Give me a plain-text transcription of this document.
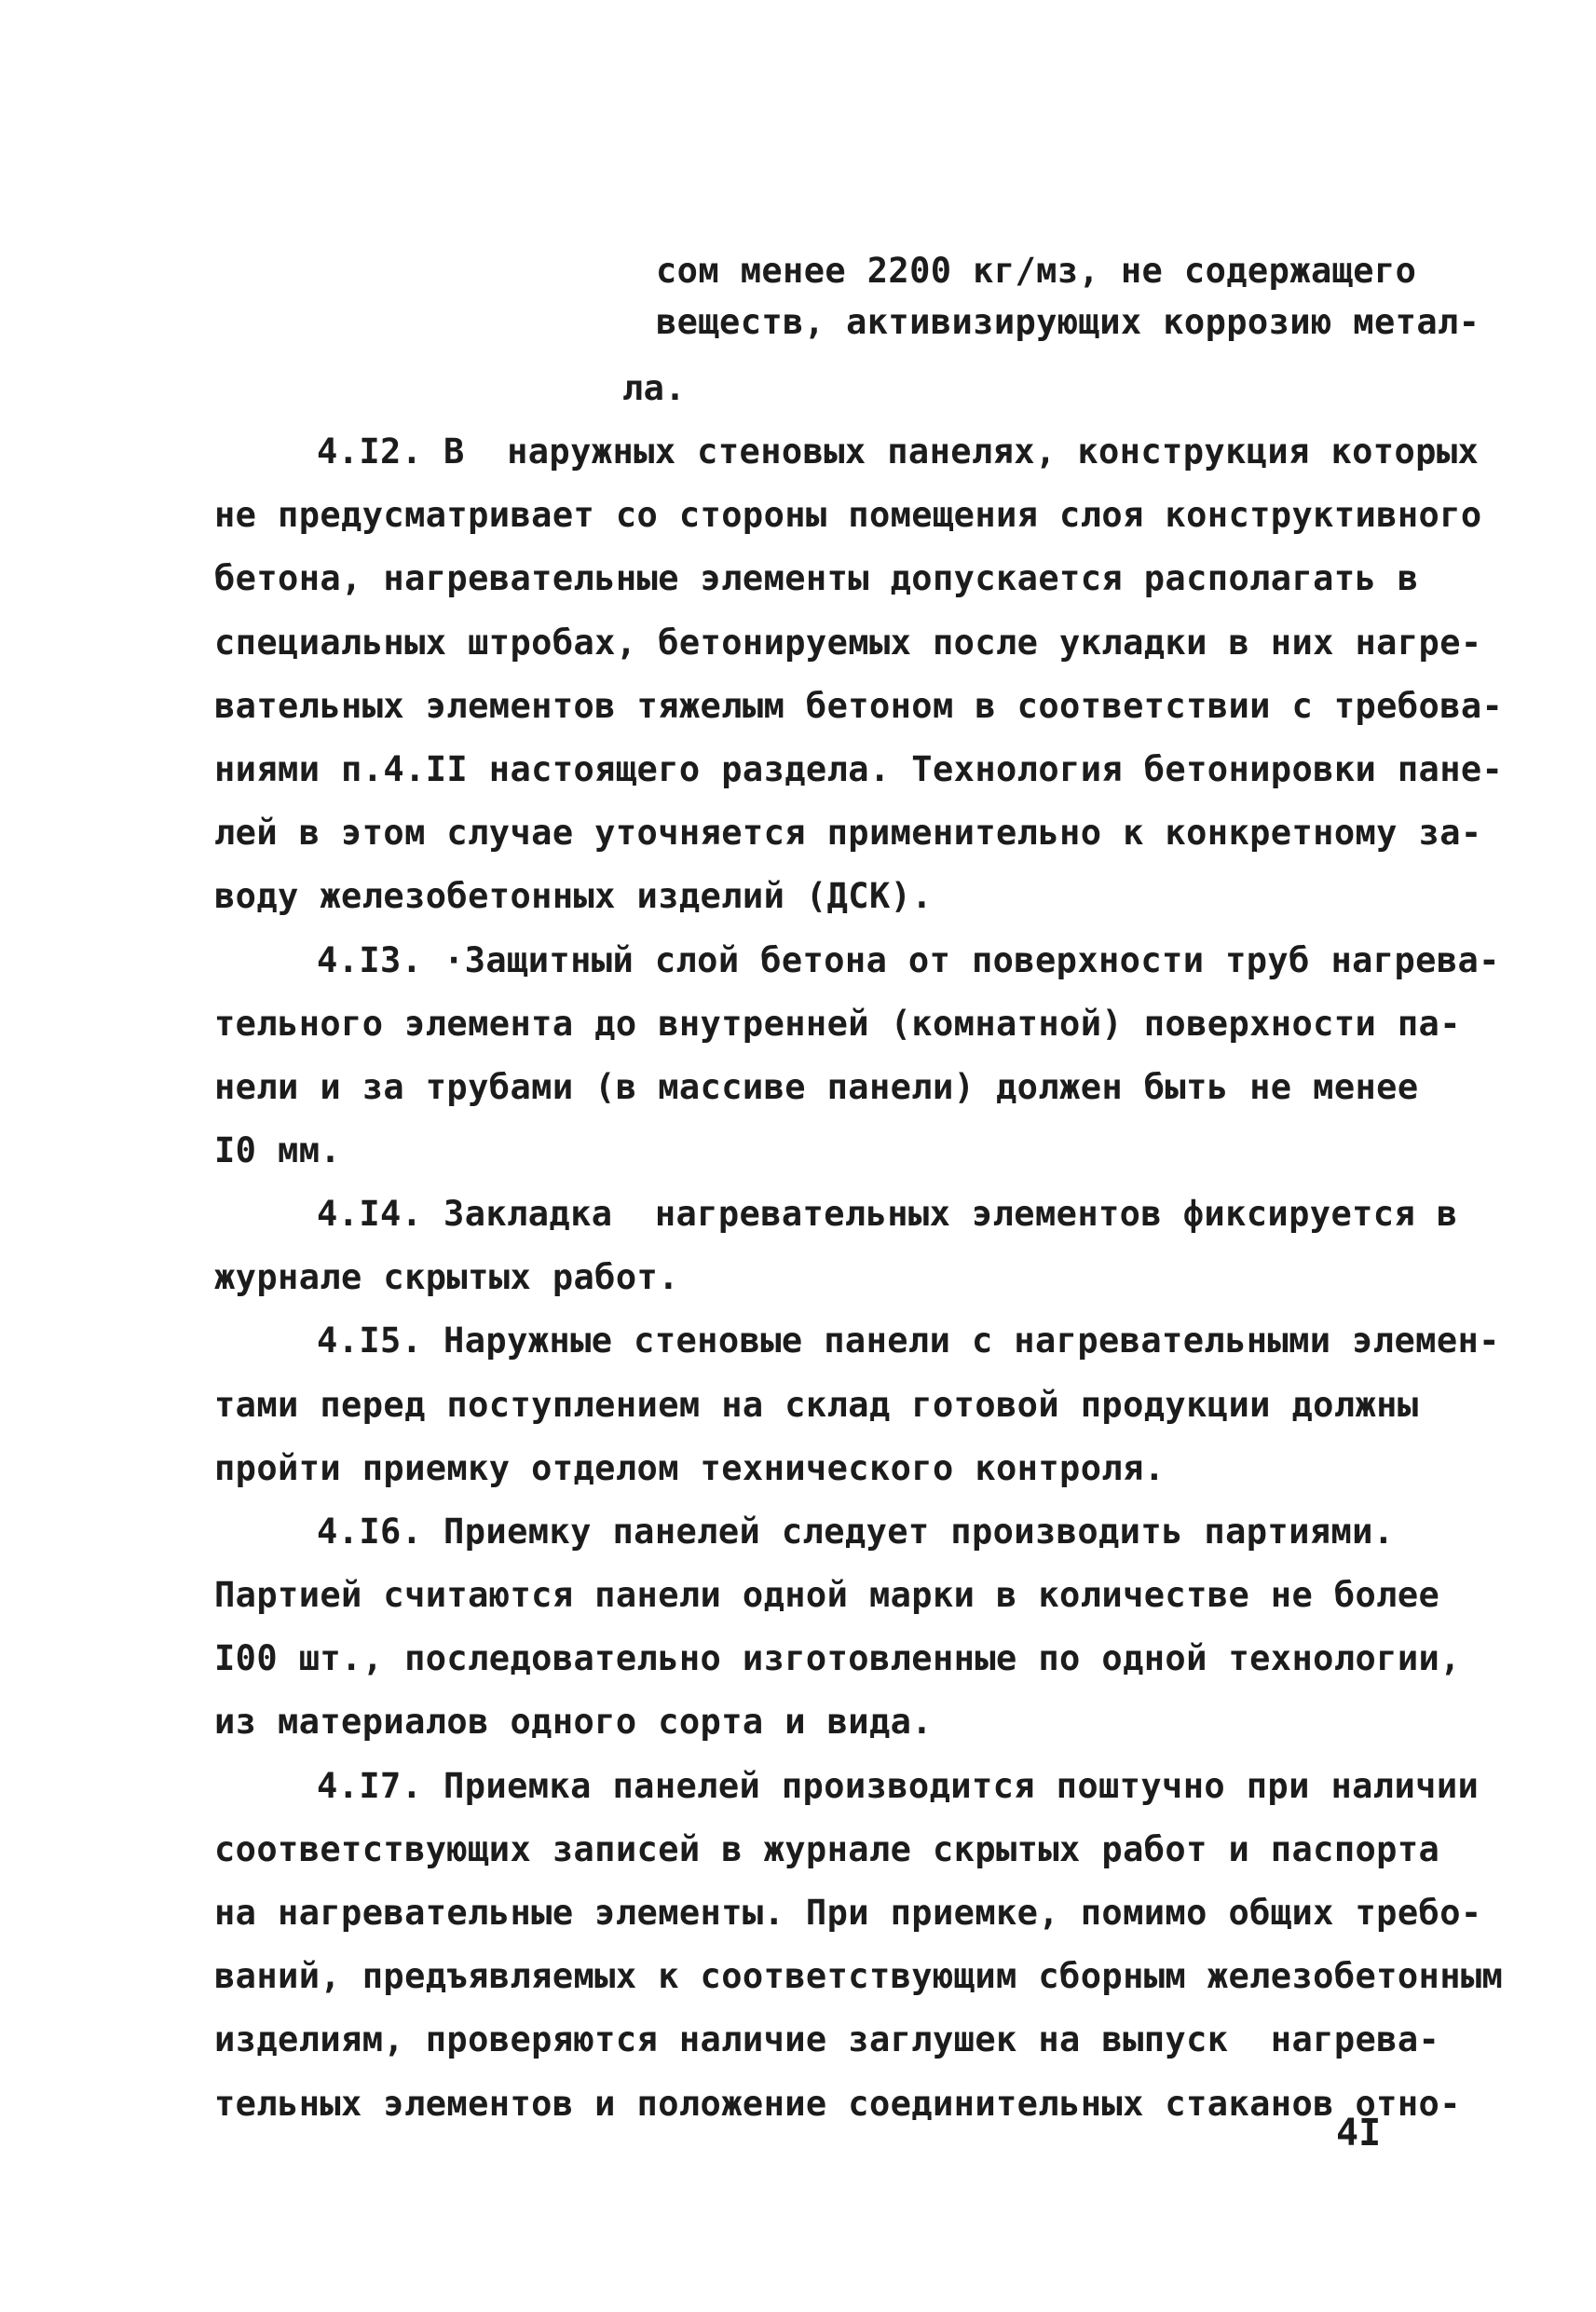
сом менее 2200 кг/мз, не содержащего
веществ, активизирующих коррозию метал-
ла.
4.I2. В  наружных стеновых панелях, конструкция которых
не предусматривает со стороны помещения слоя конструктивного
бетона, нагревательные элементы допускается располагать в
специальных штробах, бетонируемых после укладки в них нагре-
вательных элементов тяжелым бетоном в соответствии с требова-
ниями п.4.II настоящего раздела. Технология бетонировки пане-
лей в этом случае уточняется применительно к конкретному за-
воду железобетонных изделий (ДСК).
4.I3. ·Защитный слой бетона от поверхности труб нагрева-
тельного элемента до внутренней (комнатной) поверхности па-
нели и за трубами (в массиве панели) должен быть не менее
I0 мм.
4.I4. Закладка  нагревательных элементов фиксируется в
журнале скрытых работ.
4.I5. Наружные стеновые панели с нагревательными элемен-
тами перед поступлением на склад готовой продукции должны
пройти приемку отделом технического контроля.
4.I6. Приемку панелей следует производить партиями.
Партией считаются панели одной марки в количестве не более
I00 шт., последовательно изготовленные по одной технологии,
из материалов одного сорта и вида.
4.I7. Приемка панелей производится поштучно при наличии
соответствующих записей в журнале скрытых работ и паспорта
на нагревательные элементы. При приемке, помимо общих требо-
ваний, предъявляемых к соответствующим сборным железобетонным
изделиям, проверяются наличие заглушек на выпуск  нагрева-
тельных элементов и положение соединительных стаканов отно-
4I
